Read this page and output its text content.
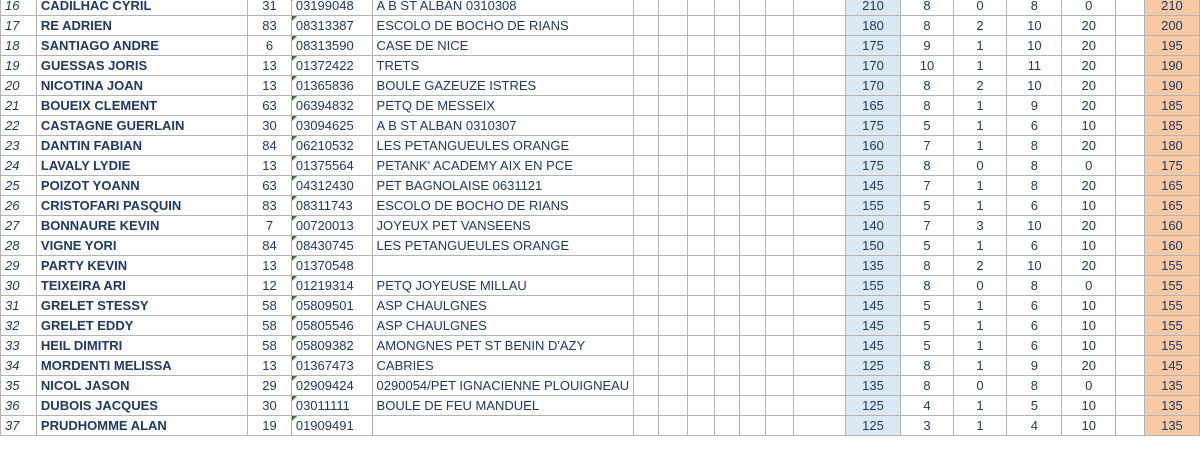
16	CADILHAC CYRIL	31	03199048	A B ST ALBAN 0310308								210	8	0	8	0		210
17	RE ADRIEN	83	08313387	ESCOLO DE BOCHO DE RIANS								180	8	2	10	20		200
18	SANTIAGO ANDRE	6	08313590	CASE DE NICE								175	9	1	10	20		195
19	GUESSAS JORIS	13	01372422	TRETS								170	10	1	11	20		190
20	NICOTINA JOAN	13	01365836	BOULE GAZEUZE ISTRES								170	8	2	10	20		190
21	BOUEIX CLEMENT	63	06394832	PETQ DE MESSEIX								165	8	1	9	20		185
22	CASTAGNE GUERLAIN	30	03094625	A B ST ALBAN 0310307								175	5	1	6	10		185
23	DANTIN FABIAN	84	06210532	LES PETANGUEULES ORANGE								160	7	1	8	20		180
24	LAVALY LYDIE	13	01375564	PETANK' ACADEMY AIX EN PCE								175	8	0	8	0		175
25	POIZOT YOANN	63	04312430	PET BAGNOLAISE 0631121								145	7	1	8	20		165
26	CRISTOFARI PASQUIN	83	08311743	ESCOLO DE BOCHO DE RIANS								155	5	1	6	10		165
27	BONNAURE KEVIN	7	00720013	JOYEUX PET VANSEENS								140	7	3	10	20		160
28	VIGNE YORI	84	08430745	LES PETANGUEULES ORANGE								150	5	1	6	10		160
29	PARTY KEVIN	13	01370548									135	8	2	10	20		155
30	TEIXEIRA ARI	12	01219314	PETQ JOYEUSE MILLAU								155	8	0	8	0		155
31	GRELET STESSY	58	05809501	ASP CHAULGNES								145	5	1	6	10		155
32	GRELET EDDY	58	05805546	ASP CHAULGNES								145	5	1	6	10		155
33	HEIL DIMITRI	58	05809382	AMONGNES PET ST BENIN D'AZY								145	5	1	6	10		155
34	MORDENTI MELISSA	13	01367473	CABRIES								125	8	1	9	20		145
35	NICOL JASON	29	02909424	0290054/PET IGNACIENNE PLOUIGNEAU								135	8	0	8	0		135
36	DUBOIS JACQUES	30	03011111	BOULE DE FEU MANDUEL								125	4	1	5	10		135
37	PRUDHOMME ALAN	19	01909491									125	3	1	4	10		135
